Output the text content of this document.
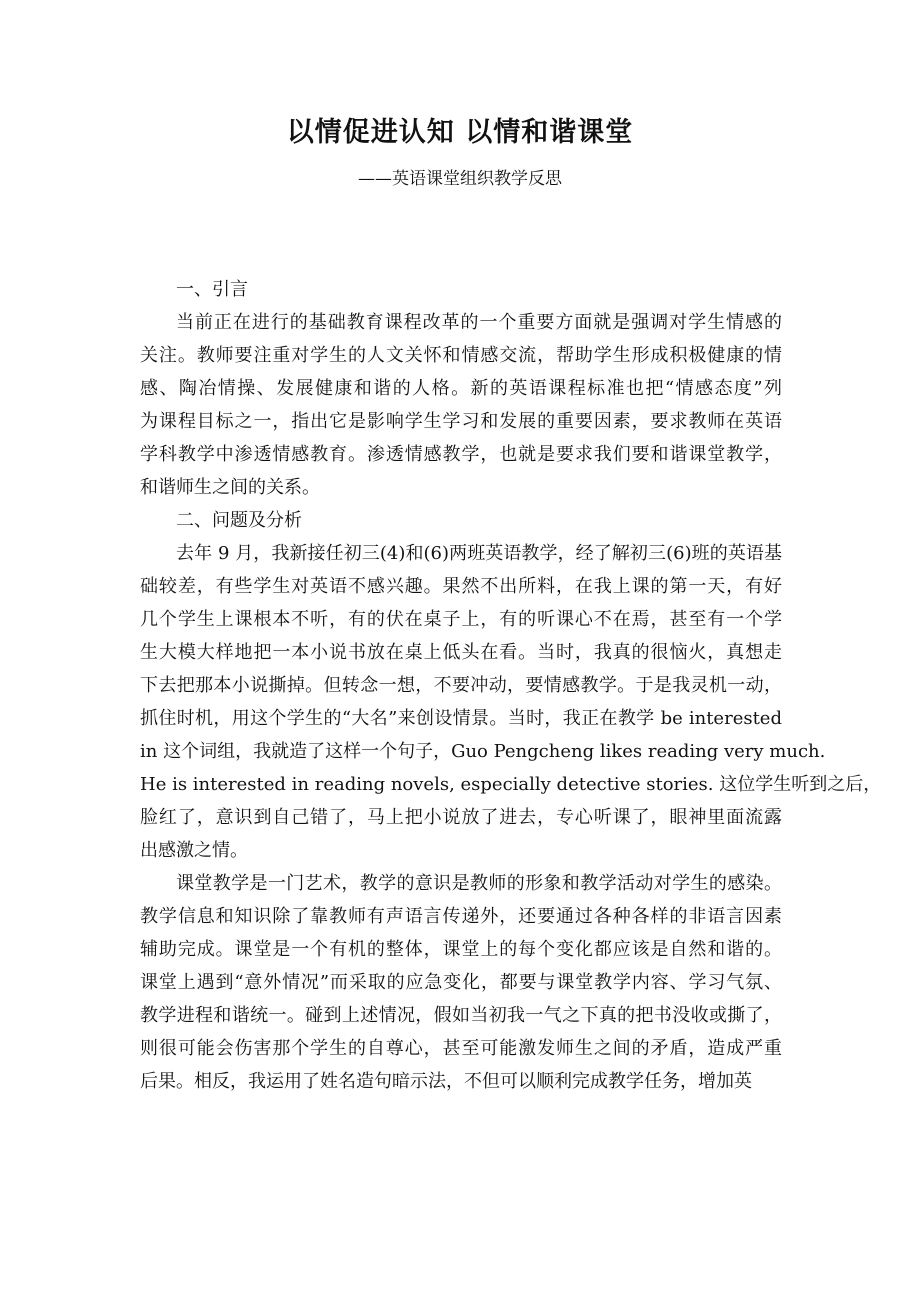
以情促进认知 以情和谐课堂

——英语课堂组织教学反思

一、引言

当前正在进行的基础教育课程改革的一个重要方面就是强调对学生情感的
关注。教师要注重对学生的人文关怀和情感交流，帮助学生形成积极健康的情
感、陶冶情操、发展健康和谐的人格。新的英语课程标准也把“情感态度”列
为课程目标之一，指出它是影响学生学习和发展的重要因素，要求教师在英语
学科教学中渗透情感教育。渗透情感教学，也就是要求我们要和谐课堂教学，
和谐师生之间的关系。

二、问题及分析

去年 9 月，我新接任初三(4)和(6)两班英语教学，经了解初三(6)班的英语基
础较差，有些学生对英语不感兴趣。果然不出所料，在我上课的第一天，有好
几个学生上课根本不听，有的伏在桌子上，有的听课心不在焉，甚至有一个学
生大模大样地把一本小说书放在桌上低头在看。当时，我真的很恼火，真想走
下去把那本小说撕掉。但转念一想，不要冲动，要情感教学。于是我灵机一动，
抓住时机，用这个学生的“大名”来创设情景。当时，我正在教学 be interested
in 这个词组，我就造了这样一个句子，Guo Pengcheng likes reading very much.
He is interested in reading novels, especially detective stories. 这位学生听到之后，
脸红了，意识到自己错了，马上把小说放了进去，专心听课了，眼神里面流露
出感激之情。
课堂教学是一门艺术，教学的意识是教师的形象和教学活动对学生的感染。
教学信息和知识除了靠教师有声语言传递外，还要通过各种各样的非语言因素
辅助完成。课堂是一个有机的整体，课堂上的每个变化都应该是自然和谐的。
课堂上遇到“意外情况”而采取的应急变化，都要与课堂教学内容、学习气氛、
教学进程和谐统一。碰到上述情况，假如当初我一气之下真的把书没收或撕了，
则很可能会伤害那个学生的自尊心，甚至可能激发师生之间的矛盾，造成严重
后果。相反，我运用了姓名造句暗示法，不但可以顺利完成教学任务，增加英
